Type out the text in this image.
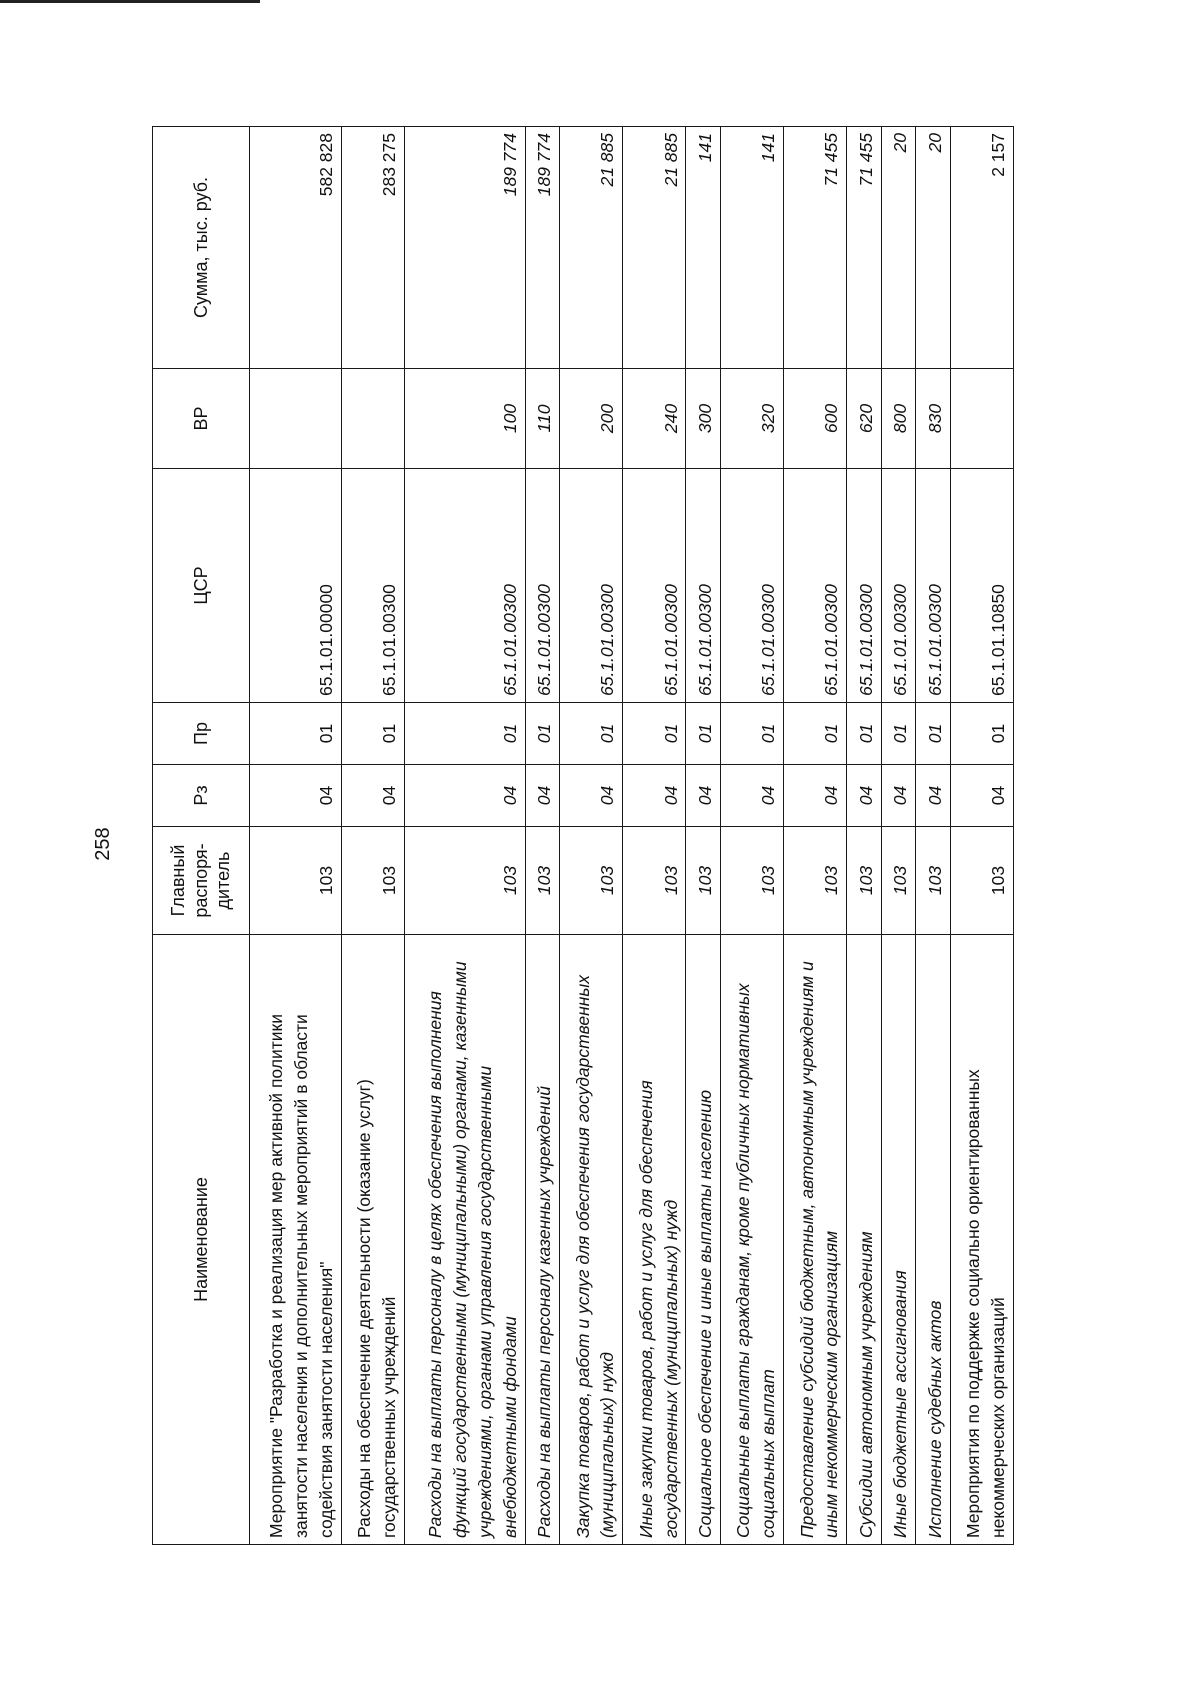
258
Наименование	Главный распоря-дитель	Рз	Пр	ЦСР	ВР	Сумма, тыс. руб.
Мероприятие "Разработка и реализация мер активной политики занятости населения и дополнительных мероприятий в области содействия занятости населения"	103	04	01	65.1.01.00000		582 828
Расходы на обеспечение деятельности (оказание услуг) государственных учреждений	103	04	01	65.1.01.00300		283 275
Расходы на выплаты персоналу в целях обеспечения выполнения функций государственными (муниципальными) органами, казенными учреждениями, органами управления государственными внебюджетными фондами	103	04	01	65.1.01.00300	100	189 774
Расходы на выплаты персоналу казенных учреждений	103	04	01	65.1.01.00300	110	189 774
Закупка товаров, работ и услуг для обеспечения государственных (муниципальных) нужд	103	04	01	65.1.01.00300	200	21 885
Иные закупки товаров, работ и услуг для обеспечения государственных (муниципальных) нужд	103	04	01	65.1.01.00300	240	21 885
Социальное обеспечение и иные выплаты населению	103	04	01	65.1.01.00300	300	141
Социальные выплаты гражданам, кроме публичных нормативных социальных выплат	103	04	01	65.1.01.00300	320	141
Предоставление субсидий бюджетным, автономным учреждениям и иным некоммерческим организациям	103	04	01	65.1.01.00300	600	71 455
Субсидии автономным учреждениям	103	04	01	65.1.01.00300	620	71 455
Иные бюджетные ассигнования	103	04	01	65.1.01.00300	800	20
Исполнение судебных актов	103	04	01	65.1.01.00300	830	20
Мероприятия по поддержке социально ориентированных некоммерческих организаций	103	04	01	65.1.01.10850		2 157
